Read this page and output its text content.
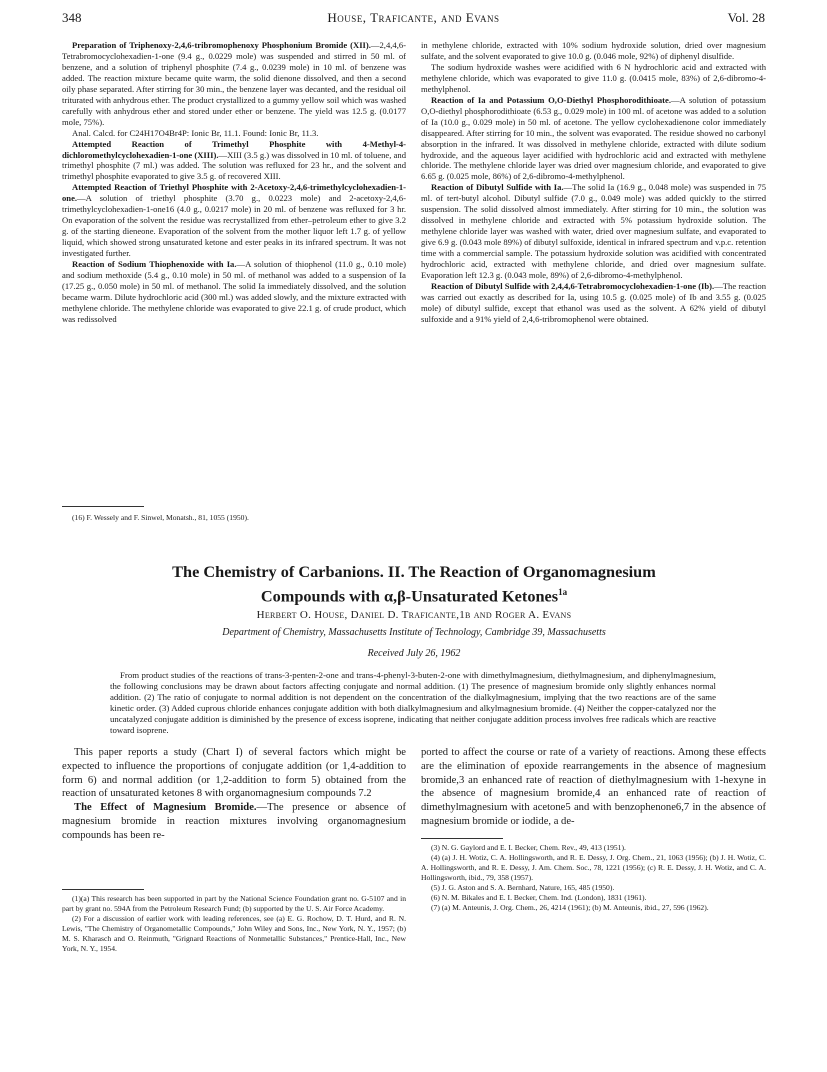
348	House, Traficante, and Evans	Vol. 28

Preparation of Triphenoxy-2,4,6-tribromophenoxy Phosphonium Bromide (XII).—2,4,4,6-Tetrabromocyclohexadien-1-one (9.4 g., 0.0229 mole) was suspended and stirred in 50 ml. of benzene, and a solution of triphenyl phosphite (7.4 g., 0.0239 mole) in 10 ml. of benzene was added. The reaction mixture became quite warm, the solid dienone dissolved, and then a second oily phase separated. After stirring for 30 min., the benzene layer was decanted, and the residual oil triturated with anhydrous ether. The product crystallized to a gummy yellow soil which was washed carefully with anhydrous ether and stored under ether or benzene. The yield was 12.5 g. (0.0177 mole, 75%).

Anal. Calcd. for C24H17O4Br4P: Ionic Br, 11.1. Found: Ionic Br, 11.3.

Attempted Reaction of Trimethyl Phosphite with 4-Methyl-4-dichloromethylcyclohexadien-1-one (XIII).—XIII (3.5 g.) was dissolved in 10 ml. of toluene, and trimethyl phosphite (7 ml.) was added. The solution was refluxed for 23 hr., and the solvent and trimethyl phosphite evaporated to give 3.5 g. of recovered XIII.

Attempted Reaction of Triethyl Phosphite with 2-Acetoxy-2,4,6-trimethylcyclohexadien-1-one.—A solution of triethyl phosphite (3.70 g., 0.0223 mole) and 2-acetoxy-2,4,6-trimethylcyclohexadien-1-one16 (4.0 g., 0.0217 mole) in 20 ml. of benzene was refluxed for 3 hr. On evaporation of the solvent the residue was recrystallized from ether–petroleum ether to give 3.2 g. of the starting dieneone. Evaporation of the solvent from the mother liquor left 1.7 g. of yellow liquid, which showed strong unsaturated ketone and ester peaks in its infrared spectrum. It was not investigated further.

Reaction of Sodium Thiophenoxide with Ia.—A solution of thiophenol (11.0 g., 0.10 mole) and sodium methoxide (5.4 g., 0.10 mole) in 50 ml. of methanol was added to a suspension of Ia (17.25 g., 0.050 mole) in 50 ml. of methanol. The solid Ia immediately dissolved, and the solution became warm. Dilute hydrochloric acid (300 ml.) was added slowly, and the mixture extracted with methylene chloride. The methylene chloride was evaporated to give 22.1 g. of crude product, which was redissolved

in methylene chloride, extracted with 10% sodium hydroxide solution, dried over magnesium sulfate, and the solvent evaporated to give 10.0 g. (0.046 mole, 92%) of diphenyl disulfide.

The sodium hydroxide washes were acidified with 6 N hydrochloric acid and extracted with methylene chloride, which was evaporated to give 11.0 g. (0.0415 mole, 83%) of 2,6-dibromo-4-methylphenol.

Reaction of Ia and Potassium O,O-Diethyl Phosphorodithioate.—A solution of potassium O,O-diethyl phosphorodithioate (6.53 g., 0.029 mole) in 100 ml. of acetone was added to a solution of Ia (10.0 g., 0.029 mole) in 50 ml. of acetone. The yellow cyclohexadienone color immediately disappeared. After stirring for 10 min., the solvent was evaporated. The residue showed no carbonyl absorption in the infrared. It was dissolved in methylene chloride, extracted with dilute sodium hydroxide, and the aqueous layer acidified with hydrochloric acid and extracted with methylene chloride. The methylene chloride layer was dried over magnesium chloride, and evaporated to give 6.65 g. (0.025 mole, 86%) of 2,6-dibromo-4-methylphenol.

Reaction of Dibutyl Sulfide with Ia.—The solid Ia (16.9 g., 0.048 mole) was suspended in 75 ml. of tert-butyl alcohol. Dibutyl sulfide (7.0 g., 0.049 mole) was added quickly to the stirred suspension. The solid dissolved almost immediately. After stirring for 10 min., the solution was dissolved in methylene chloride and extracted with 5% potassium hydroxide solution. The methylene chloride layer was washed with water, dried over magnesium sulfate, and evaporated to give 6.9 g. (0.043 mole 89%) of dibutyl sulfoxide, identical in infrared spectrum and v.p.c. retention time with a commercial sample. The potassium hydroxide solution was acidified with concentrated hydrochloric acid, extracted with methylene chloride, and dried over magnesium sulfate. Evaporation left 12.3 g. (0.043 mole, 89%) of 2,6-dibromo-4-methylphenol.

Reaction of Dibutyl Sulfide with 2,4,4,6-Tetrabromocyclohexadien-1-one (Ib).—The reaction was carried out exactly as described for Ia, using 10.5 g. (0.025 mole) of Ib and 3.55 g. (0.025 mole) of dibutyl sulfide, except that ethanol was used as the solvent. A 62% yield of dibutyl sulfoxide and a 91% yield of 2,4,6-tribromophenol were obtained.

(16) F. Wessely and F. Sinwel, Monatsh., 81, 1055 (1950).

The Chemistry of Carbanions. II. The Reaction of Organomagnesium
Compounds with α,β-Unsaturated Ketones$^{1a}$
Herbert O. House, Daniel D. Traficante,1b and Roger A. Evans
Department of Chemistry, Massachusetts Institute of Technology, Cambridge 39, Massachusetts
Received July 26, 1962

From product studies of the reactions of trans-3-penten-2-one and trans-4-phenyl-3-buten-2-one with dimethylmagnesium, diethylmagnesium, and diphenylmagnesium, the following conclusions may be drawn about factors affecting conjugate and normal addition. (1) The presence of magnesium bromide only slightly enhances normal addition. (2) The ratio of conjugate to normal addition is not dependent on the concentration of the dialkylmagnesium, implying that the two reactions are of the same kinetic order. (3) Added cuprous chloride enhances conjugate addition with both dialkylmagnesium and alkylmagnesium bromide. (4) Neither the copper-catalyzed nor the uncatalyzed conjugate addition is diminished by the presence of excess isoprene, indicating that neither conjugate addition process involves free radicals which are reactive toward isoprene.

This paper reports a study (Chart I) of several factors which might be expected to influence the proportions of conjugate addition (or 1,4-addition to form 6) and normal addition (or 1,2-addition to form 5) obtained from the reaction of unsaturated ketones 8 with organomagnesium compounds 7.2

The Effect of Magnesium Bromide.—The presence or absence of magnesium bromide in reaction mixtures involving organomagnesium compounds has been re-

ported to affect the course or rate of a variety of reactions. Among these effects are the elimination of epoxide rearrangements in the absence of magnesium bromide,3 an enhanced rate of reaction of diethylmagnesium with 1-hexyne in the absence of magnesium bromide,4 an enhanced rate of reaction of dimethylmagnesium with acetone5 and with benzophenone6,7 in the absence of magnesium bromide or iodide, a de-

(1)(a) This research has been supported in part by the National Science Foundation grant no. G-5107 and in part by grant no. 594A from the Petroleum Research Fund; (b) supported by the U. S. Air Force Academy.

(2) For a discussion of earlier work with leading references, see (a) E. G. Rochow, D. T. Hurd, and R. N. Lewis, "The Chemistry of Organometallic Compounds," John Wiley and Sons, Inc., New York, N. Y., 1957; (b) M. S. Kharasch and O. Reinmuth, "Grignard Reactions of Nonmetallic Substances," Prentice-Hall, Inc., New York, N. Y., 1954.

(3) N. G. Gaylord and E. I. Becker, Chem. Rev., 49, 413 (1951).

(4) (a) J. H. Wotiz, C. A. Hollingsworth, and R. E. Dessy, J. Org. Chem., 21, 1063 (1956); (b) J. H. Wotiz, C. A. Hollingsworth, and R. E. Dessy, J. Am. Chem. Soc., 78, 1221 (1956); (c) R. E. Dessy, J. H. Wotiz, and C. A. Hollingsworth, ibid., 79, 358 (1957).

(5) J. G. Aston and S. A. Bernhard, Nature, 165, 485 (1950).

(6) N. M. Bikales and E. I. Becker, Chem. Ind. (London), 1831 (1961).

(7) (a) M. Anteunis, J. Org. Chem., 26, 4214 (1961); (b) M. Anteunis, ibid., 27, 596 (1962).
